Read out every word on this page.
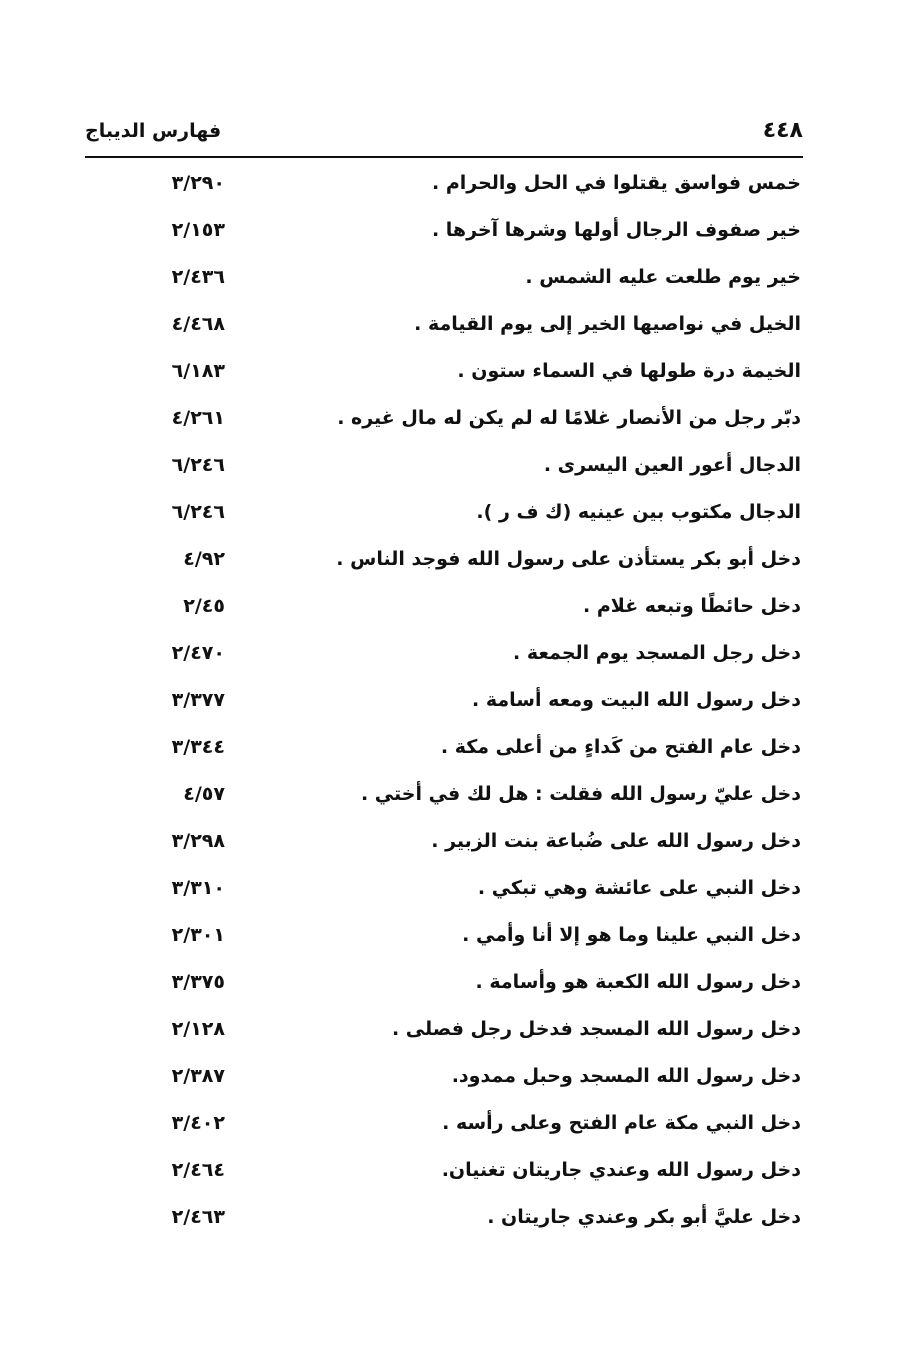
٤٤٨
فهارس الديباج
خمس فواسق يقتلوا في الحل والحرام .
٣/٢٩٠
خير صفوف الرجال أولها وشرها آخرها .
٢/١٥٣
خير يوم طلعت عليه الشمس .
٢/٤٣٦
الخيل في نواصيها الخير إلى يوم القيامة .
٤/٤٦٨
الخيمة درة طولها في السماء ستون .
٦/١٨٣
دبّر رجل من الأنصار غلامًا له لم يكن له مال غيره .
٤/٢٦١
الدجال أعور العين اليسرى .
٦/٢٤٦
الدجال مكتوب بين عينيه (ك ف ر ).
٦/٢٤٦
دخل أبو بكر يستأذن على رسول الله فوجد الناس .
٤/٩٢
دخل حائطًا وتبعه غلام .
٢/٤٥
دخل رجل المسجد يوم الجمعة .
٢/٤٧٠
دخل رسول الله البيت ومعه أسامة .
٣/٣٧٧
دخل عام الفتح من كَداءٍ من أعلى مكة .
٣/٣٤٤
دخل عليّ رسول الله فقلت : هل لك في أختي .
٤/٥٧
دخل رسول الله على ضُباعة بنت الزبير .
٣/٢٩٨
دخل النبي على عائشة وهي تبكي .
٣/٣١٠
دخل النبي علينا وما هو إلا أنا وأمي .
٢/٣٠١
دخل رسول الله الكعبة هو وأسامة .
٣/٣٧٥
دخل رسول الله المسجد فدخل رجل فصلى .
٢/١٢٨
دخل رسول الله المسجد وحبل ممدود.
٢/٣٨٧
دخل النبي مكة عام الفتح وعلى رأسه .
٣/٤٠٢
دخل رسول الله وعندي جاريتان تغنيان.
٢/٤٦٤
دخل عليَّ أبو بكر وعندي جاريتان .
٢/٤٦٣
